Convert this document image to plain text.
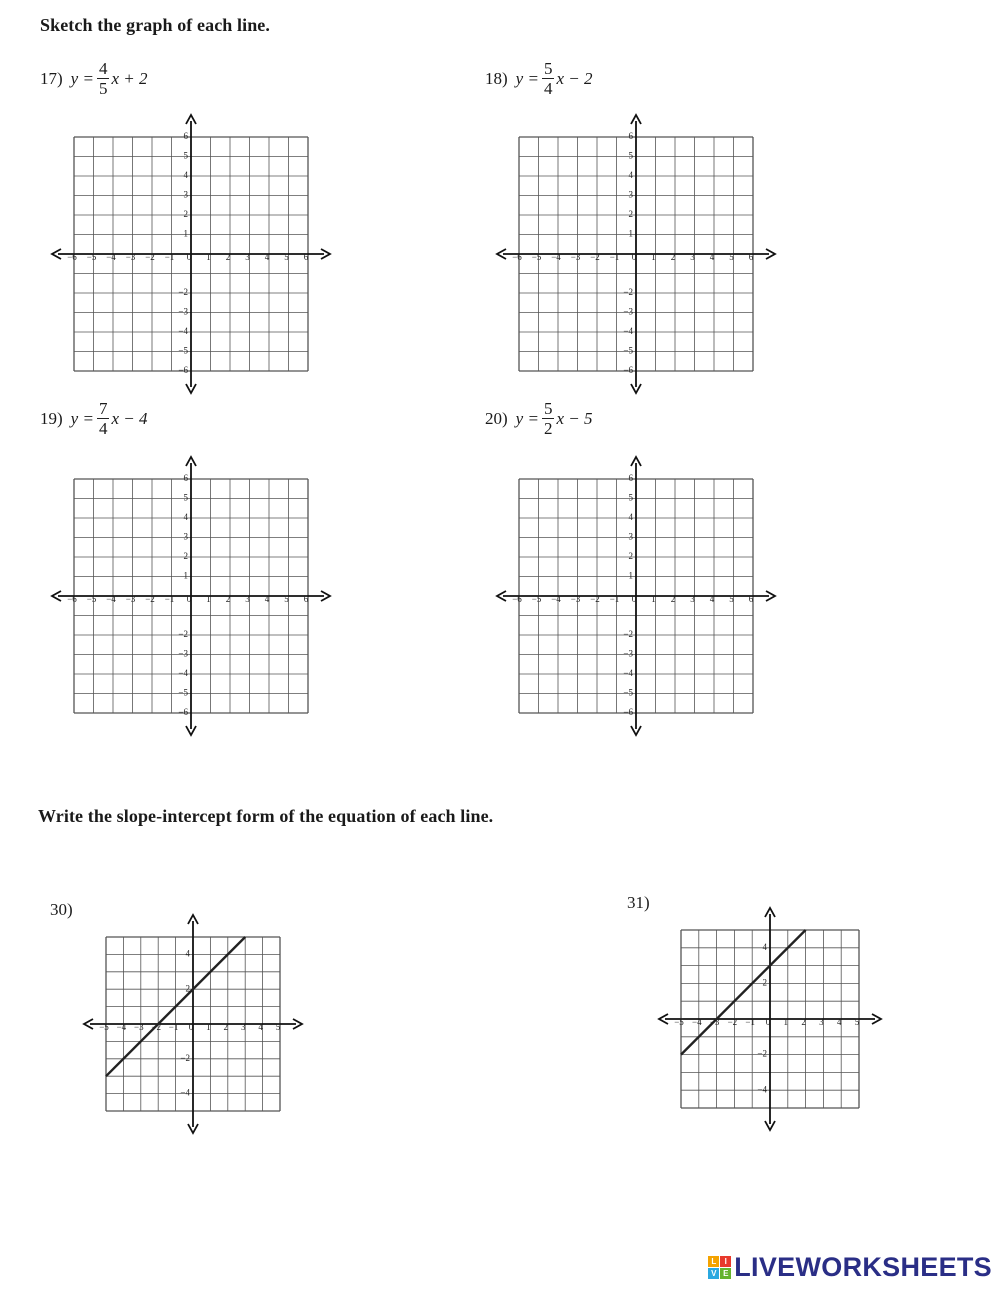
Sketch the graph of each line.
Write the slope-intercept form of the equation of each line.
17) $y = \frac{4}{5}$ x + 2	18) $y = \frac{5}{4}$ x − 2
19) $y = \frac{7}{4}$ x − 4	20) $y = \frac{5}{2}$ x − 5
30)	31)
−6 −5 −4 −3 −2 −1 0 1 2 3 4 5 6
6
5
4
3
2
1
−2
−3
−4
−5
−6
−6 −5 −4 −3 −2 −1 0 1 2 3 4 5 6
6
5
4
3
2
1
−2
−3
−4
−5
−6
−6 −5 −4 −3 −2 −1 0 1 2 3 4 5 6
6
5
4
3
2
1
−2
−3
−4
−5
−6
−6 −5 −4 −3 −2 −1 0 1 2 3 4 5 6
6
5
4
3
2
1
−2
−3
−4
−5
−6
−5 −4 −3 −2 −1 0 1 2 3 4 5
4
2
−2
−4
−5 −4 −3 −2 −1 0 1 2 3 4 5
4
2
−2
−4
L	I
V E LIVEWORKSHEETS
